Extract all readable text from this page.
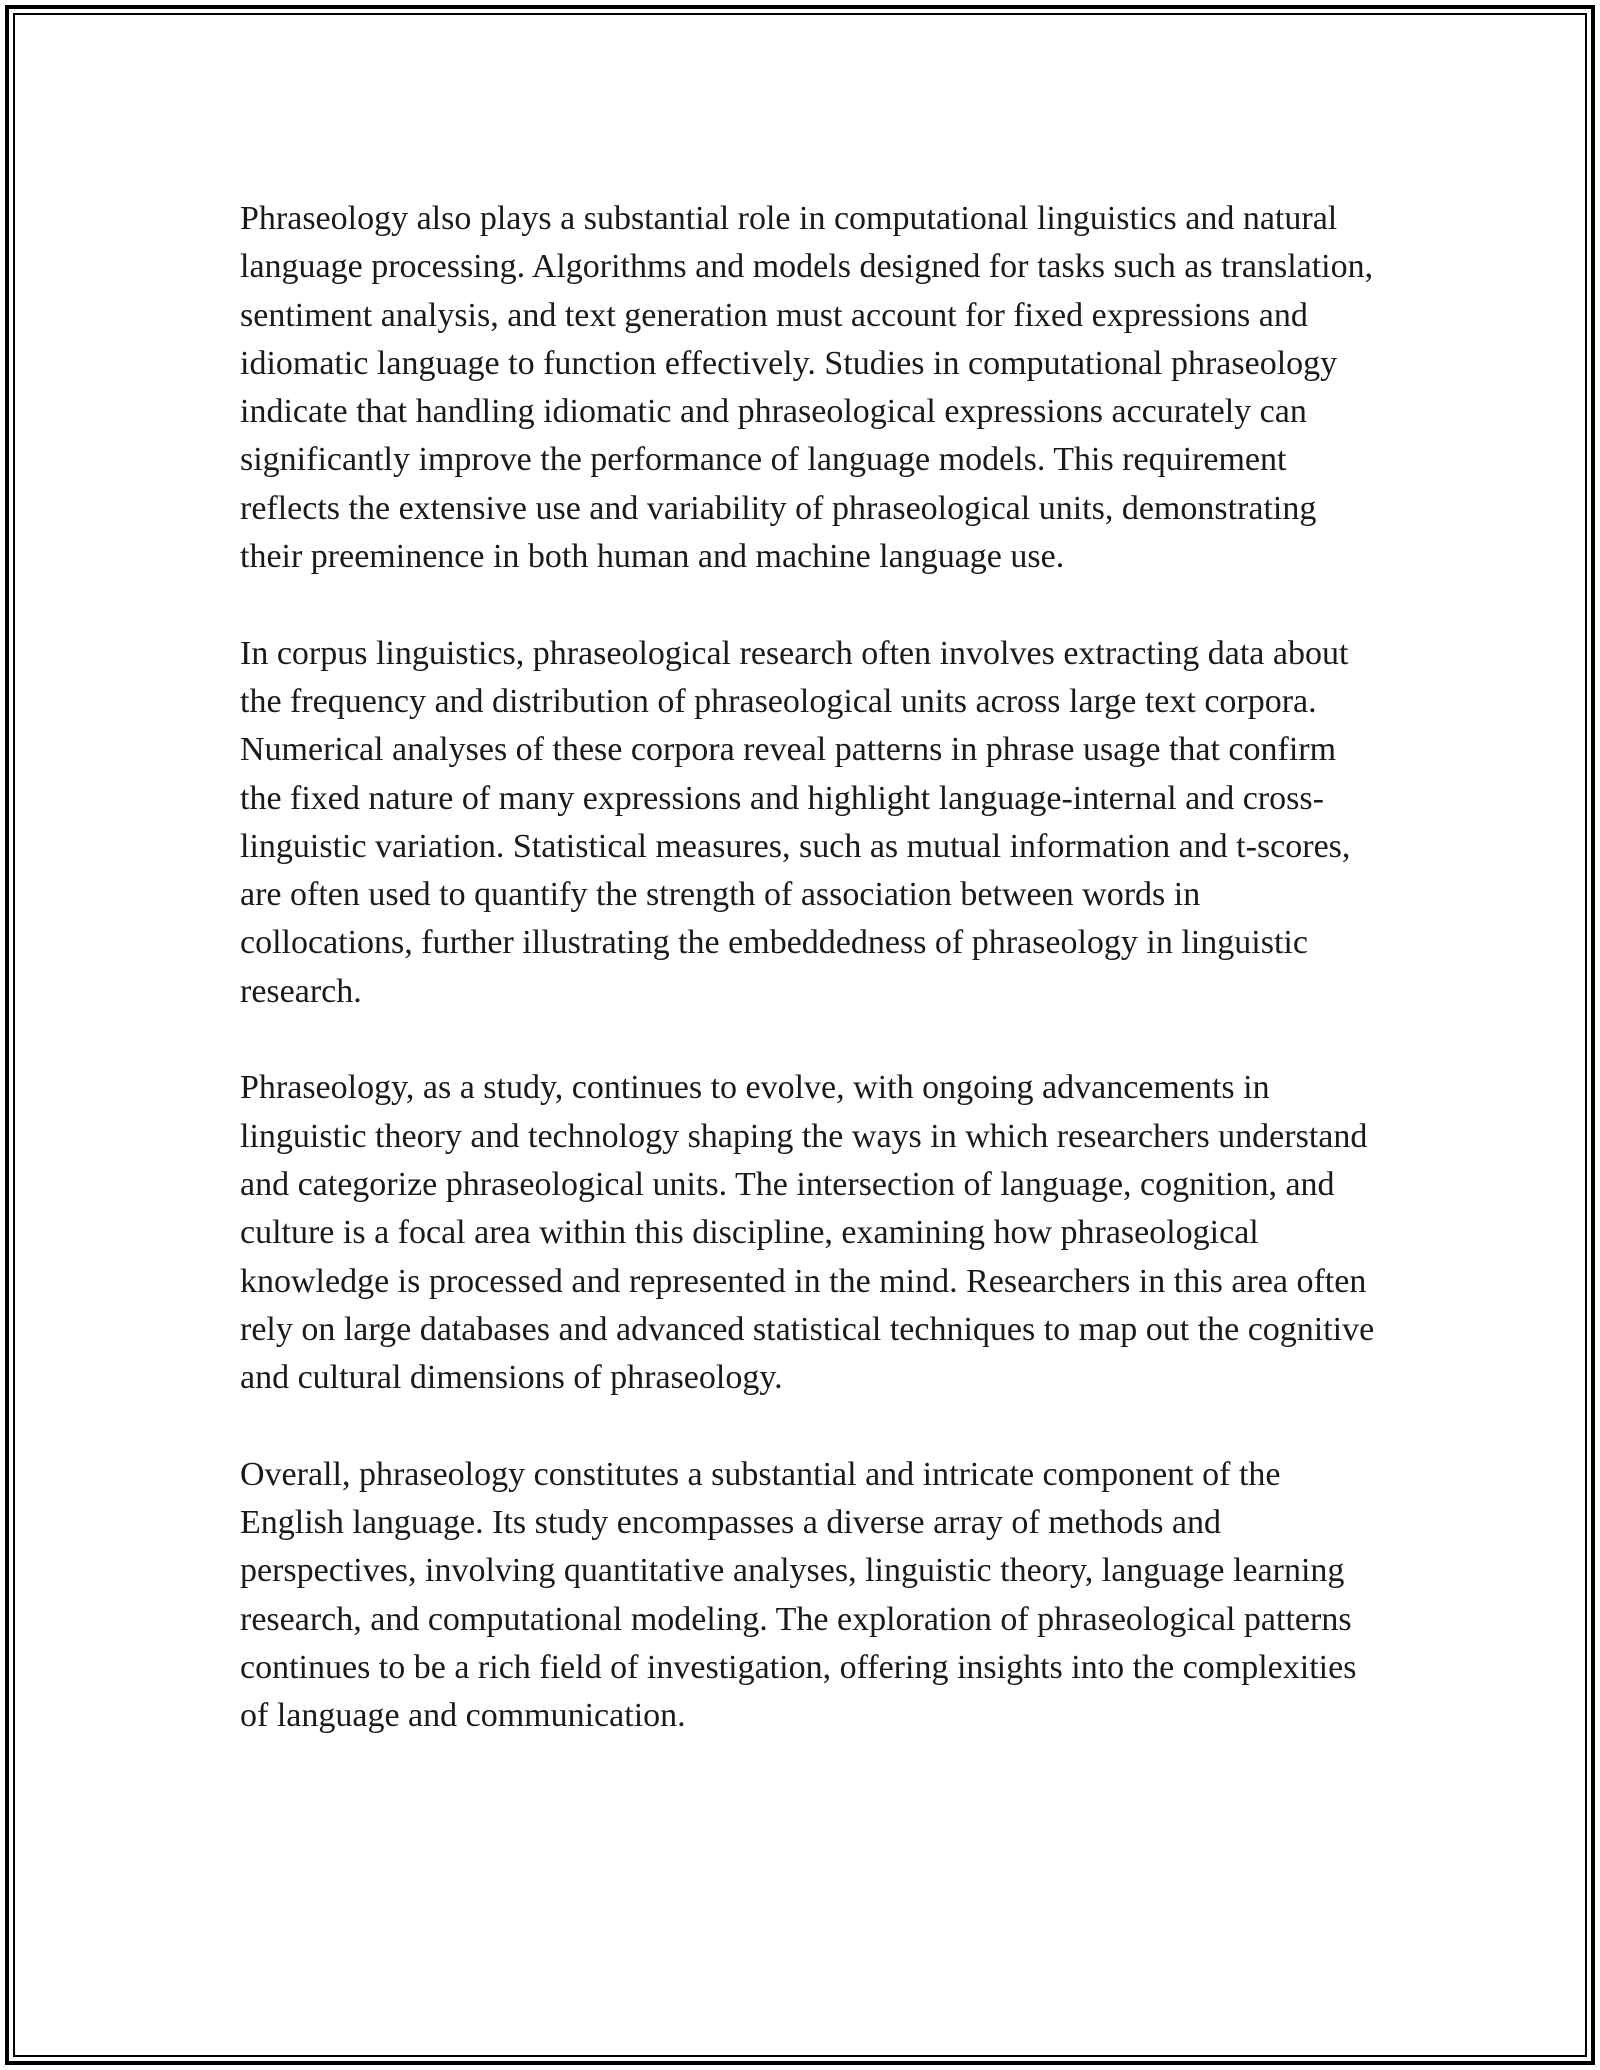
Phraseology also plays a substantial role in computational linguistics and natural language processing. Algorithms and models designed for tasks such as translation, sentiment analysis, and text generation must account for fixed expressions and idiomatic language to function effectively. Studies in computational phraseology indicate that handling idiomatic and phraseological expressions accurately can significantly improve the performance of language models. This requirement reflects the extensive use and variability of phraseological units, demonstrating their preeminence in both human and machine language use.

In corpus linguistics, phraseological research often involves extracting data about the frequency and distribution of phraseological units across large text corpora. Numerical analyses of these corpora reveal patterns in phrase usage that confirm the fixed nature of many expressions and highlight language-internal and cross-linguistic variation. Statistical measures, such as mutual information and t-scores, are often used to quantify the strength of association between words in collocations, further illustrating the embeddedness of phraseology in linguistic research.

Phraseology, as a study, continues to evolve, with ongoing advancements in linguistic theory and technology shaping the ways in which researchers understand and categorize phraseological units. The intersection of language, cognition, and culture is a focal area within this discipline, examining how phraseological knowledge is processed and represented in the mind. Researchers in this area often rely on large databases and advanced statistical techniques to map out the cognitive and cultural dimensions of phraseology.

Overall, phraseology constitutes a substantial and intricate component of the English language. Its study encompasses a diverse array of methods and perspectives, involving quantitative analyses, linguistic theory, language learning research, and computational modeling. The exploration of phraseological patterns continues to be a rich field of investigation, offering insights into the complexities of language and communication.
